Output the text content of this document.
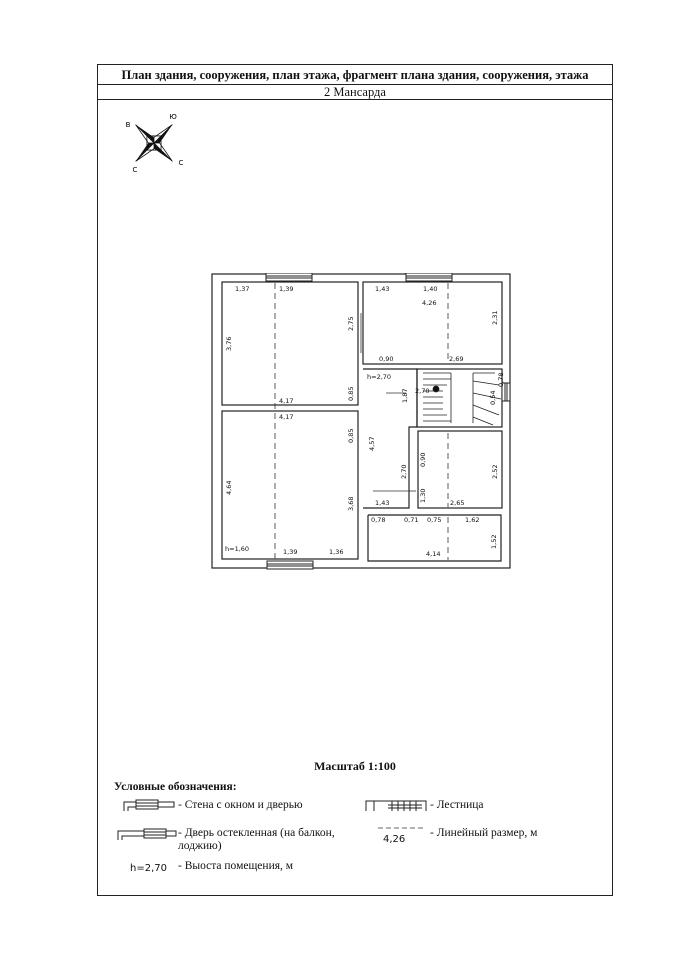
План здания, сооружения, план этажа, фрагмент плана здания, сооружения, этажа
2 Мансарда
Ю
С
С
В
1,37	1,39	1,43	1,40
4,26
2,31
3,76
2,75
0,90	2,69
h=2,70
0,85	1,87 2,70
0,78
0,54
4,17
4,17
0,85
4,57
2,70
0,90
2,52
4,64
3,68
1,30
1,43	2,65
0,78	0,71 0,75	1,62
1,52
h=1,60	1,39	1,36	4,14
Масштаб 1:100
Условные обозначения:
- Стена с окном и дверью
- Дверь остекленная (на балкон, лоджию)
h=2,70 - Выоста помещения, м
- Лестница
4,26
- Линейный размер, м
